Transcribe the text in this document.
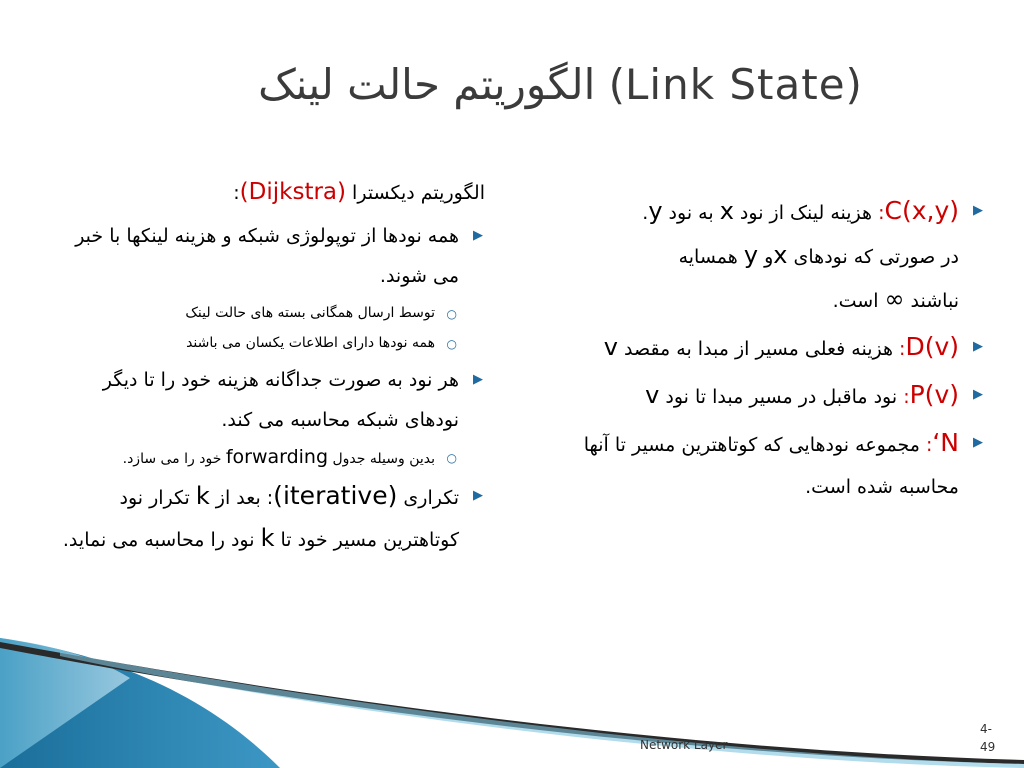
الگوریتم حالت لینک (Link State)
▶
C(x,y): هزینه لینک از نود x به نود y.
در صورتی که نودهای xو y همسایه
نباشند ∞ است.
▶
D(v): هزینه فعلی مسیر از مبدا به مقصد v
▶
P(v): نود ماقبل در مسیر مبدا تا نود v
▶
N‘: مجموعه نودهایی که کوتاهترین مسیر تا آنها محاسبه شده است.
الگوریتم دیکسترا (Dijkstra):
▶
همه نودها از توپولوژی شبکه و هزینه لینکها با خبر می شوند.
○
توسط ارسال همگانی بسته های حالت لینک
○
همه نودها دارای اطلاعات یکسان می باشند
▶
هر نود به صورت جداگانه هزینه خود را تا دیگر نودهای شبکه محاسبه می کند.
○
بدین وسیله جدول forwarding خود را می سازد.
▶
تکراری (iterative): بعد از k تکرار نود کوتاهترین مسیر خود تا k نود را محاسبه می نماید.
Network Layer
4-
49
